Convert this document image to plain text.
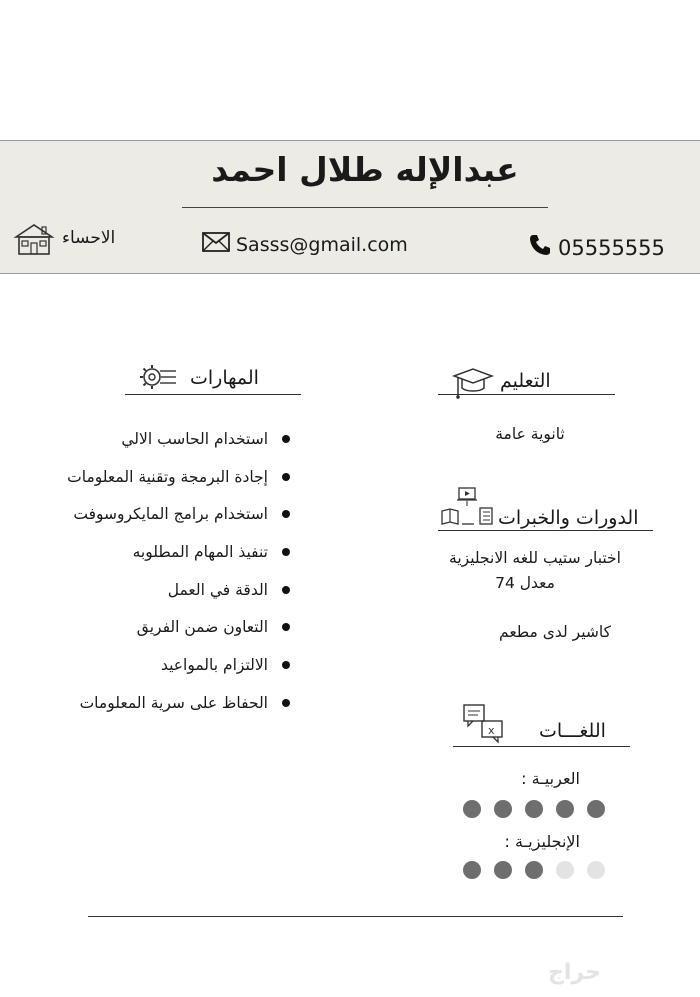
عبدالإله طلال احمد
الاحساء	Sasss@gmail.com	05555555
المهارات
استخدام الحاسب الالي
إجادة البرمجة وتقنية المعلومات
استخدام برامج المايكروسوفت
تنفيذ المهام المطلوبه
الدقة في العمل
التعاون ضمن الفريق
الالتزام بالمواعيد
الحفاظ على سرية المعلومات
التعليم
ثانوية عامة
الدورات والخبرات
اختبار ستيب للغه الانجليزية
معدل 74
كاشير لدى مطعم
اللغـــات
x
العربيـة :
الإنجليزيـة :
حراج
